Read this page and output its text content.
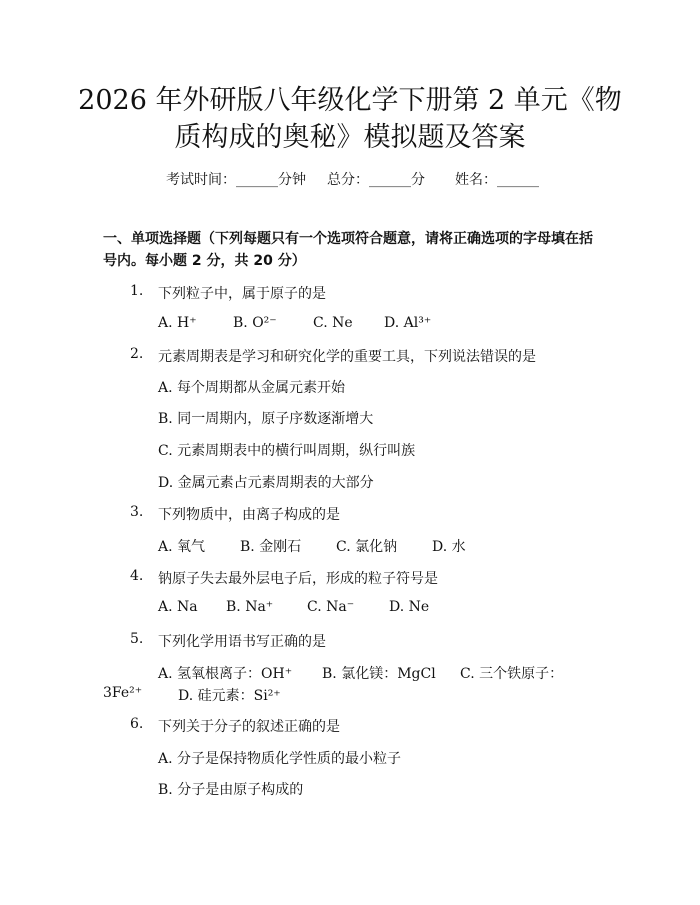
2026 年外研版八年级化学下册第 2 单元《物
质构成的奥秘》模拟题及答案
考试时间：______分钟 总分：______分 姓名：______
一、单项选择题（下列每题只有一个选项符合题意，请将正确选项的字母填在括
号内。每小题 2 分，共 20 分）
1. 下列粒子中，属于原子的是
A. H⁺	B. O²⁻	C. Ne D. Al³⁺
2. 元素周期表是学习和研究化学的重要工具，下列说法错误的是
A. 每个周期都从金属元素开始
B. 同一周期内，原子序数逐渐增大
C. 元素周期表中的横行叫周期，纵行叫族
D. 金属元素占元素周期表的大部分
3. 下列物质中，由离子构成的是
A. 氧气 B. 金刚石 C. 氯化钠 D. 水
4. 钠原子失去最外层电子后，形成的粒子符号是
A. Na B. Na⁺ C. Na⁻ D. Ne
5. 下列化学用语书写正确的是
A. 氢氧根离子：OH⁺ B. 氯化镁：MgCl C. 三个铁原子：
3Fe²⁺	D. 硅元素：Si²⁺
6. 下列关于分子的叙述正确的是
A. 分子是保持物质化学性质的最小粒子
B. 分子是由原子构成的
